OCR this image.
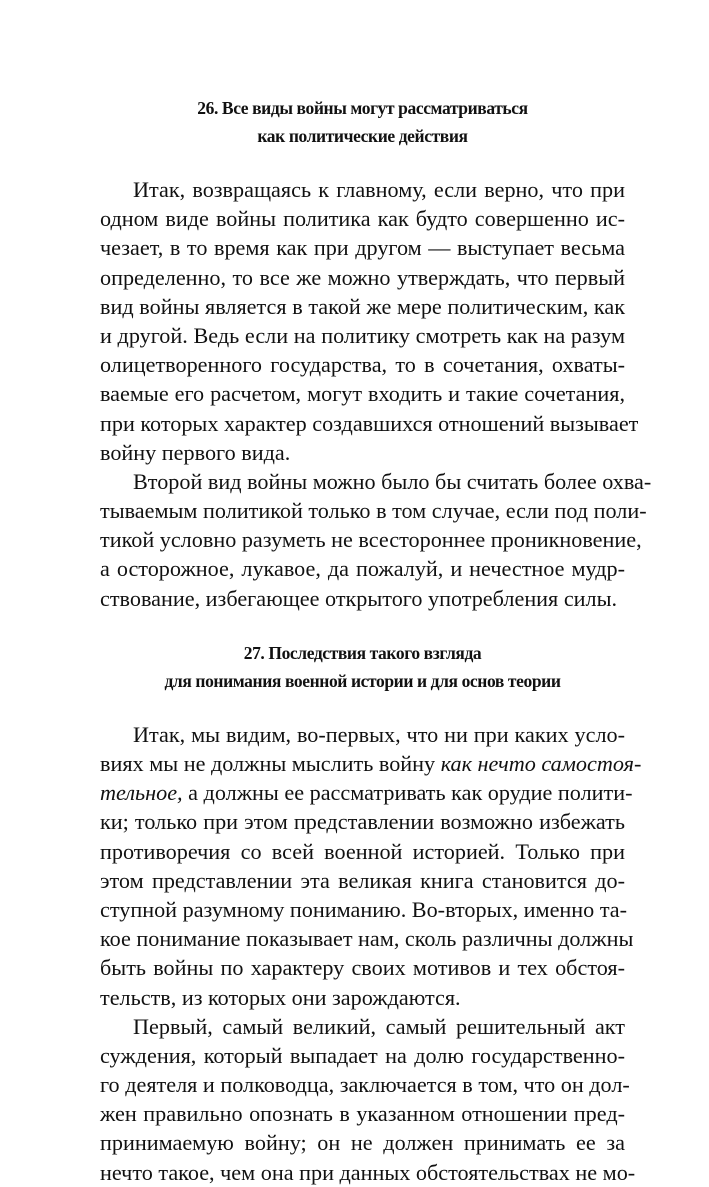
26. Все виды войны могут рассматриваться
как политические действия
Итак, возвращаясь к главному, если верно, что при
одном виде войны политика как будто совершенно ис-
чезает, в то время как при другом — выступает весьма
определенно, то все же можно утверждать, что первый
вид войны является в такой же мере политическим, как
и другой. Ведь если на политику смотреть как на разум
олицетворенного государства, то в сочетания, охваты-
ваемые его расчетом, могут входить и такие сочетания,
при которых характер создавшихся отношений вызывает
войну первого вида.
Второй вид войны можно было бы считать более охва-
тываемым политикой только в том случае, если под поли-
тикой условно разуметь не всестороннее проникновение,
а осторожное, лукавое, да пожалуй, и нечестное мудр-
ствование, избегающее открытого употребления силы.
27. Последствия такого взгляда
для понимания военной истории и для основ теории
Итак, мы видим, во-первых, что ни при каких усло-
виях мы не должны мыслить войну как нечто самостоя-
тельное, а должны ее рассматривать как орудие полити-
ки; только при этом представлении возможно избежать
противоречия со всей военной историей. Только при
этом представлении эта великая книга становится до-
ступной разумному пониманию. Во-вторых, именно та-
кое понимание показывает нам, сколь различны должны
быть войны по характеру своих мотивов и тех обстоя-
тельств, из которых они зарождаются.
Первый, самый великий, самый решительный акт
суждения, который выпадает на долю государственно-
го деятеля и полководца, заключается в том, что он дол-
жен правильно опознать в указанном отношении пред-
принимаемую войну; он не должен принимать ее за
нечто такое, чем она при данных обстоятельствах не мо-
